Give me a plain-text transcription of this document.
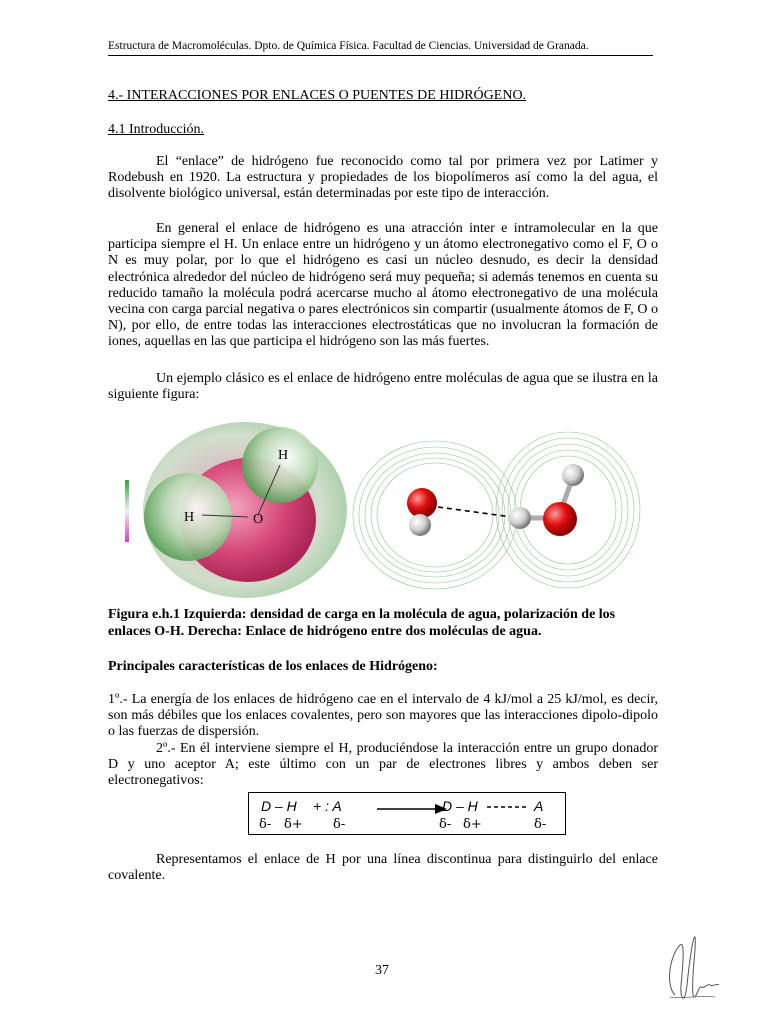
Estructura de Macromoléculas. Dpto. de Química Física. Facultad de Ciencias. Universidad de Granada.
4.- INTERACCIONES POR ENLACES O PUENTES DE HIDRÓGENO.
4.1 Introducción.

El “enlace” de hidrógeno fue reconocido como tal por primera vez por Latimer y Rodebush en 1920. La estructura y propiedades de los biopolímeros así como la del agua, el disolvente biológico universal, están determinadas por este tipo de interacción.

En general el enlace de hidrógeno es una atracción inter e intramolecular en la que participa siempre el H. Un enlace entre un hidrógeno y un átomo electronegativo como el F, O o N es muy polar, por lo que el hidrógeno es casi un núcleo desnudo, es decir la densidad electrónica alrededor del núcleo de hidrógeno será muy pequeña; si además tenemos en cuenta su reducido tamaño la molécula podrá acercarse mucho al átomo electronegativo de una molécula vecina con carga parcial negativa o pares electrónicos sin compartir (usualmente átomos de F, O o N), por ello, de entre todas las interacciones electrostáticas que no involucran la formación de iones, aquellas en las que participa el hidrógeno son las más fuertes.

Un ejemplo clásico es el enlace de hidrógeno entre moléculas de agua que se ilustra en la siguiente figura:

H
H	O

Figura e.h.1 Izquierda: densidad de carga en la molécula de agua, polarización de los enlaces O-H. Derecha: Enlace de hidrógeno entre dos moléculas de agua.

Principales características de los enlaces de Hidrógeno:

1º.- La energía de los enlaces de hidrógeno cae en el intervalo de 4 kJ/mol a 25 kJ/mol, es decir, son más débiles que los enlaces covalentes, pero son mayores que las interacciones dipolo-dipolo o las fuerzas de dispersión.

2º.- En él interviene siempre el H, produciéndose la interacción entre un grupo donador D y uno aceptor A; este último con un par de electrones libres y ambos deben ser electronegativos:

D – H + : A	D – H	A
δ- δ+ δ-	δ- δ+	δ-

Representamos el enlace de H por una línea discontinua para distinguirlo del enlace covalente.

37
